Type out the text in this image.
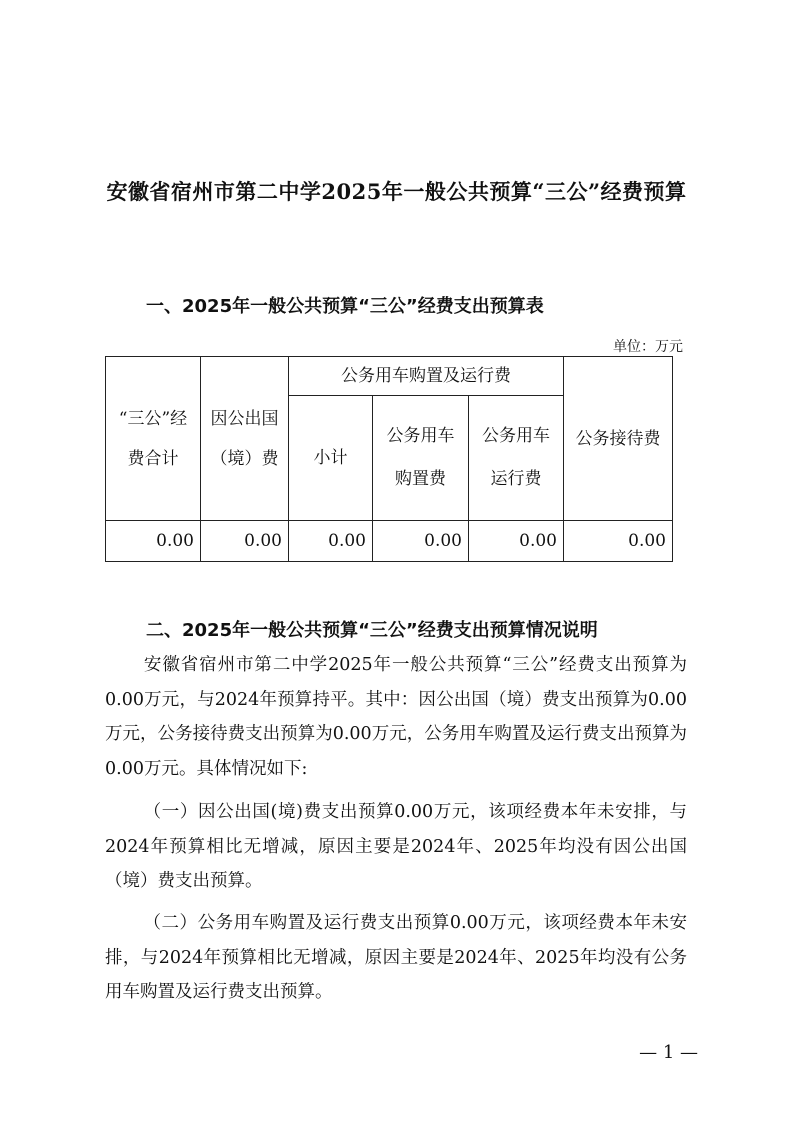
安徽省宿州市第二中学2025年一般公共预算“三公”经费预算
一、2025年一般公共预算“三公”经费支出预算表
单位：万元
“三公”经费合计	因公出国（境）费	公务用车购置及运行费			公务接待费
		小计	公务用车购置费	公务用车运行费	
0.00	0.00	0.00	0.00	0.00	0.00
二、2025年一般公共预算“三公”经费支出预算情况说明
安徽省宿州市第二中学2025年一般公共预算“三公”经费支出预算为0.00万元，与2024年预算持平。其中：因公出国（境）费支出预算为0.00万元，公务接待费支出预算为0.00万元，公务用车购置及运行费支出预算为0.00万元。具体情况如下:
（一）因公出国(境)费支出预算0.00万元，该项经费本年未安排，与2024年预算相比无增减，原因主要是2024年、2025年均没有因公出国（境）费支出预算。
（二）公务用车购置及运行费支出预算0.00万元，该项经费本年未安排，与2024年预算相比无增减，原因主要是2024年、2025年均没有公务用车购置及运行费支出预算。
— 1 —
